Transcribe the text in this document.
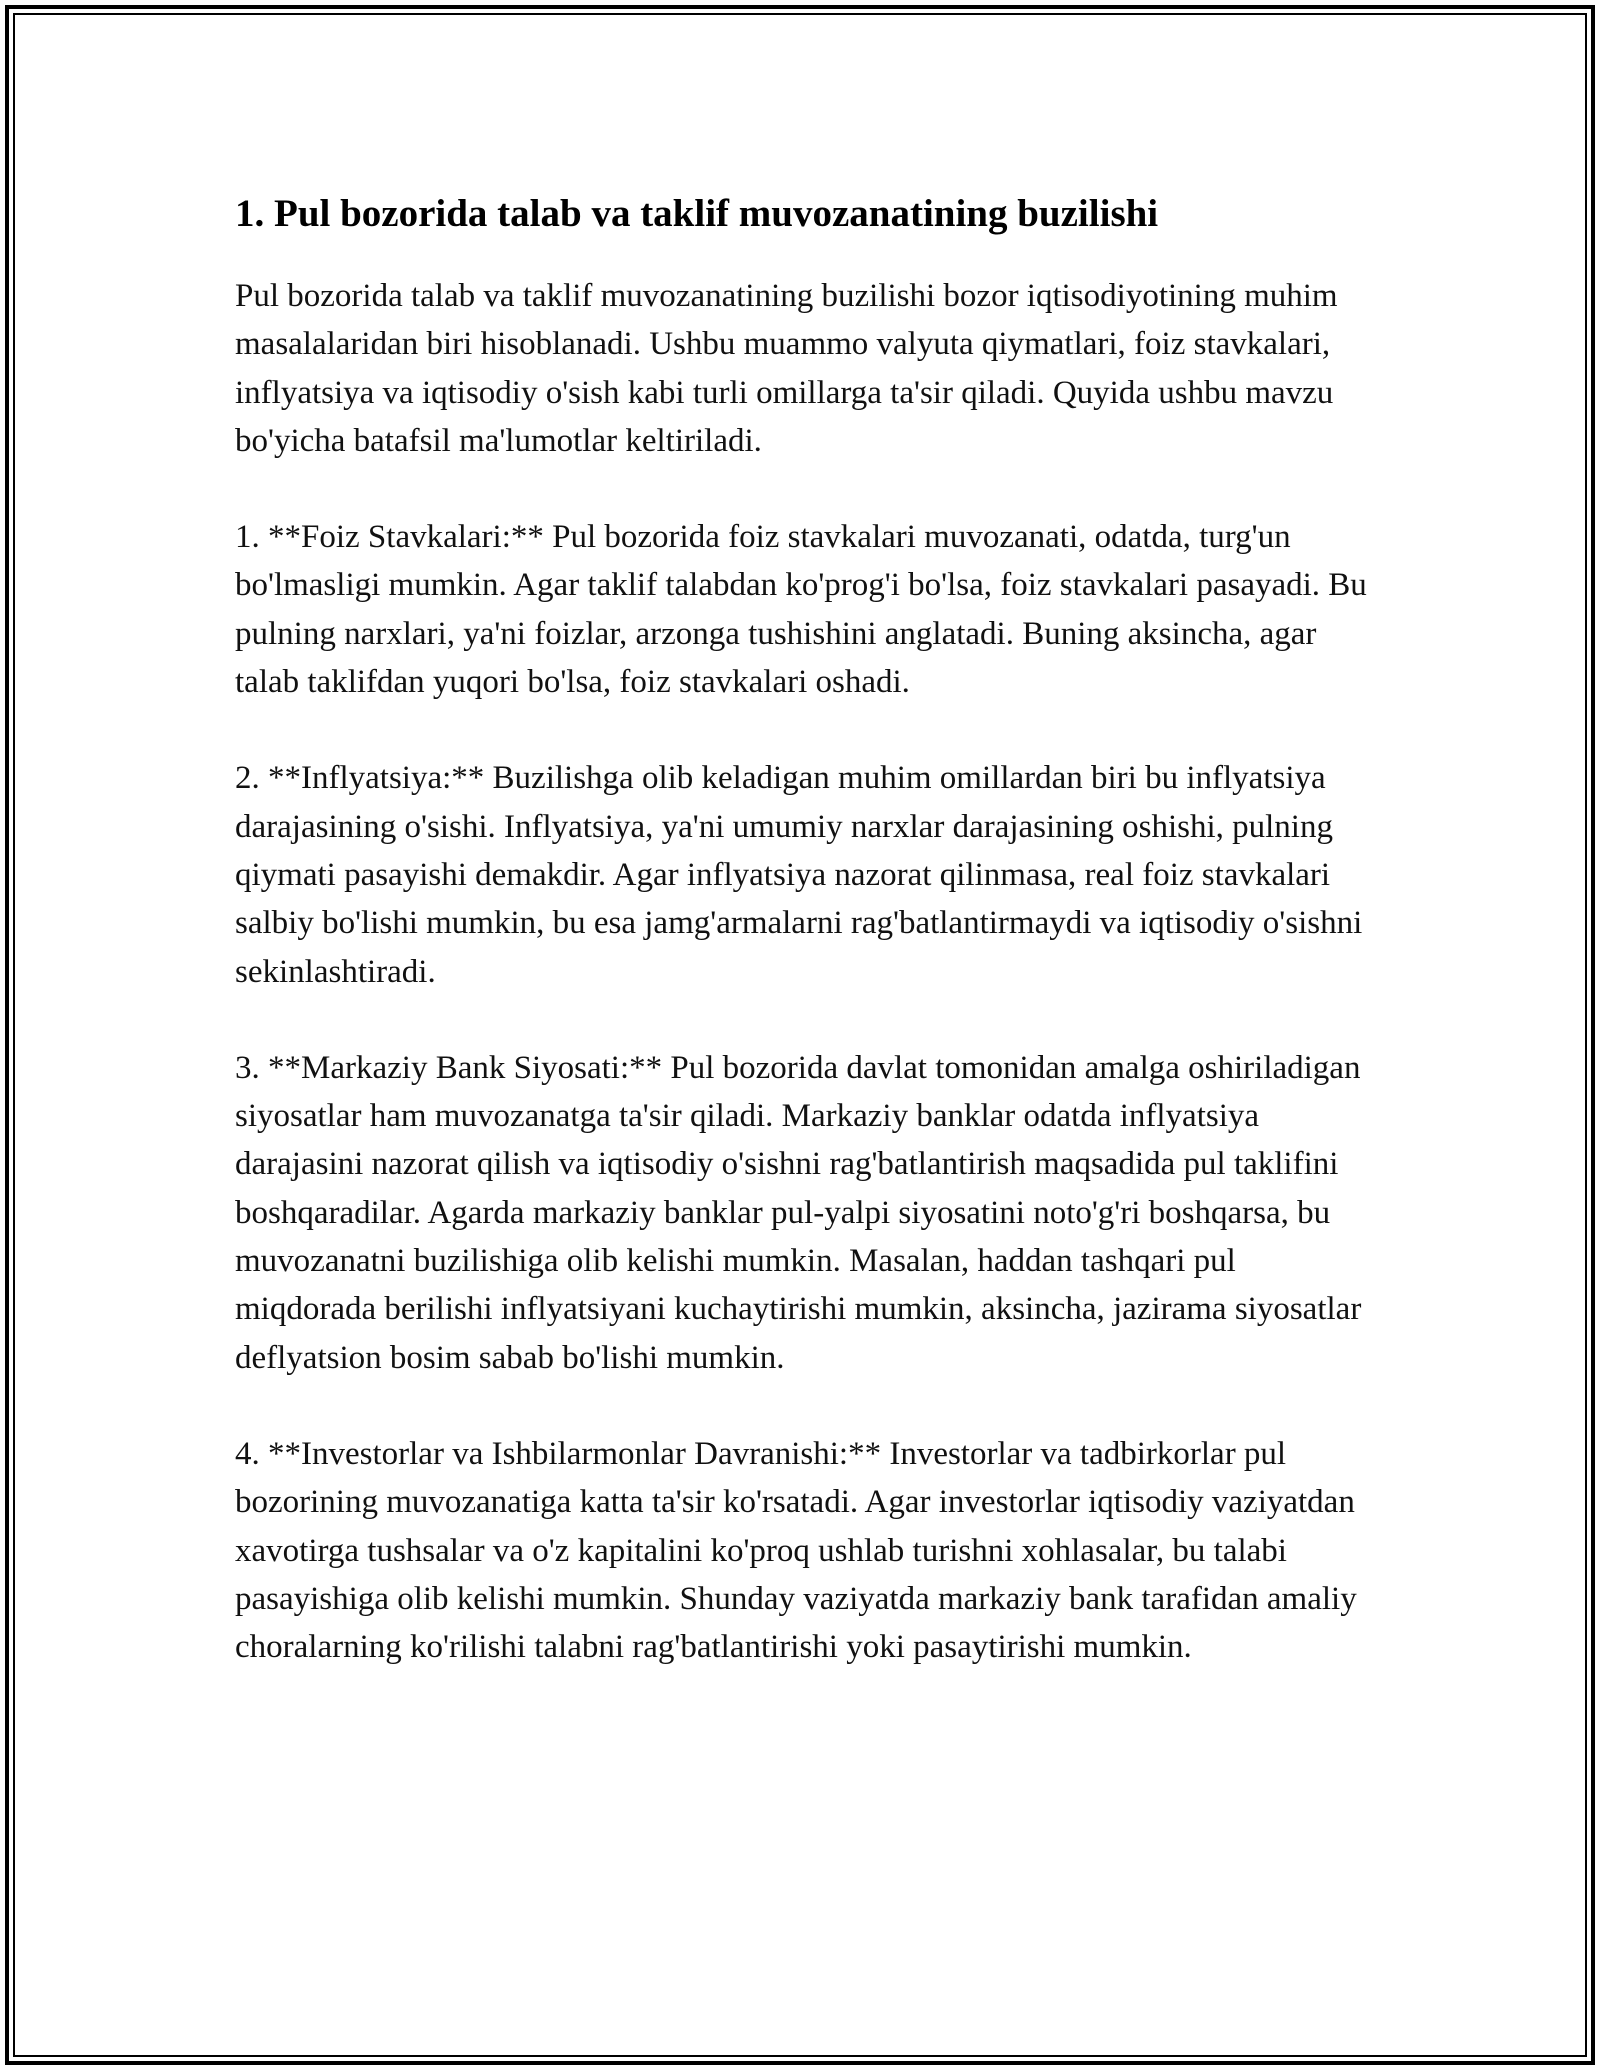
1. Pul bozorida talab va taklif muvozanatining buzilishi

Pul bozorida talab va taklif muvozanatining buzilishi bozor iqtisodiyotining muhim masalalaridan biri hisoblanadi. Ushbu muammo valyuta qiymatlari, foiz stavkalari, inflyatsiya va iqtisodiy o'sish kabi turli omillarga ta'sir qiladi. Quyida ushbu mavzu bo'yicha batafsil ma'lumotlar keltiriladi.

1. **Foiz Stavkalari:** Pul bozorida foiz stavkalari muvozanati, odatda, turg'un bo'lmasligi mumkin. Agar taklif talabdan ko'prog'i bo'lsa, foiz stavkalari pasayadi. Bu pulning narxlari, ya'ni foizlar, arzonga tushishini anglatadi. Buning aksincha, agar talab taklifdan yuqori bo'lsa, foiz stavkalari oshadi.

2. **Inflyatsiya:** Buzilishga olib keladigan muhim omillardan biri bu inflyatsiya darajasining o'sishi. Inflyatsiya, ya'ni umumiy narxlar darajasining oshishi, pulning qiymati pasayishi demakdir. Agar inflyatsiya nazorat qilinmasa, real foiz stavkalari salbiy bo'lishi mumkin, bu esa jamg'armalarni rag'batlantirmaydi va iqtisodiy o'sishni sekinlashtiradi.

3. **Markaziy Bank Siyosati:** Pul bozorida davlat tomonidan amalga oshiriladigan siyosatlar ham muvozanatga ta'sir qiladi. Markaziy banklar odatda inflyatsiya darajasini nazorat qilish va iqtisodiy o'sishni rag'batlantirish maqsadida pul taklifini boshqaradilar. Agarda markaziy banklar pul-yalpi siyosatini noto'g'ri boshqarsa, bu muvozanatni buzilishiga olib kelishi mumkin. Masalan, haddan tashqari pul miqdorada berilishi inflyatsiyani kuchaytirishi mumkin, aksincha, jazirama siyosatlar deflyatsion bosim sabab bo'lishi mumkin.

4. **Investorlar va Ishbilarmonlar Davranishi:** Investorlar va tadbirkorlar pul bozorining muvozanatiga katta ta'sir ko'rsatadi. Agar investorlar iqtisodiy vaziyatdan xavotirga tushsalar va o'z kapitalini ko'proq ushlab turishni xohlasalar, bu talabi pasayishiga olib kelishi mumkin. Shunday vaziyatda markaziy bank tarafidan amaliy choralarning ko'rilishi talabni rag'batlantirishi yoki pasaytirishi mumkin.
